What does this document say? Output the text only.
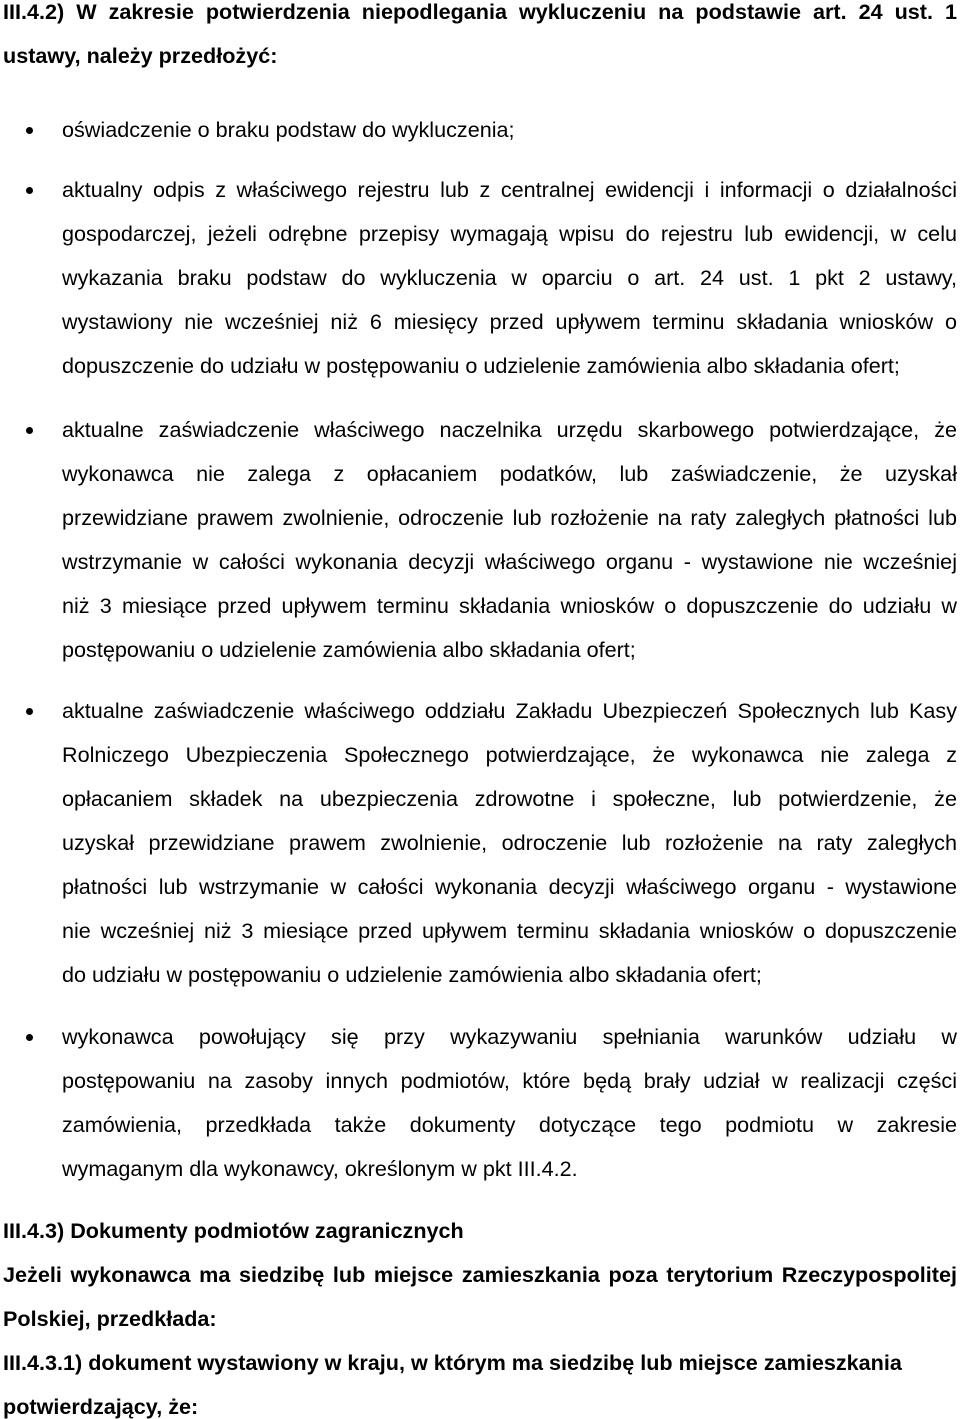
III.4.2) W zakresie potwierdzenia niepodlegania wykluczeniu na podstawie art. 24 ust. 1
ustawy, należy przedłożyć:
oświadczenie o braku podstaw do wykluczenia;
aktualny odpis z właściwego rejestru lub z centralnej ewidencji i informacji o działalności
gospodarczej, jeżeli odrębne przepisy wymagają wpisu do rejestru lub ewidencji, w celu
wykazania braku podstaw do wykluczenia w oparciu o art. 24 ust. 1 pkt 2 ustawy,
wystawiony nie wcześniej niż 6 miesięcy przed upływem terminu składania wniosków o
dopuszczenie do udziału w postępowaniu o udzielenie zamówienia albo składania ofert;
aktualne zaświadczenie właściwego naczelnika urzędu skarbowego potwierdzające, że
wykonawca nie zalega z opłacaniem podatków, lub zaświadczenie, że uzyskał
przewidziane prawem zwolnienie, odroczenie lub rozłożenie na raty zaległych płatności lub
wstrzymanie w całości wykonania decyzji właściwego organu - wystawione nie wcześniej
niż 3 miesiące przed upływem terminu składania wniosków o dopuszczenie do udziału w
postępowaniu o udzielenie zamówienia albo składania ofert;
aktualne zaświadczenie właściwego oddziału Zakładu Ubezpieczeń Społecznych lub Kasy
Rolniczego Ubezpieczenia Społecznego potwierdzające, że wykonawca nie zalega z
opłacaniem składek na ubezpieczenia zdrowotne i społeczne, lub potwierdzenie, że
uzyskał przewidziane prawem zwolnienie, odroczenie lub rozłożenie na raty zaległych
płatności lub wstrzymanie w całości wykonania decyzji właściwego organu - wystawione
nie wcześniej niż 3 miesiące przed upływem terminu składania wniosków o dopuszczenie
do udziału w postępowaniu o udzielenie zamówienia albo składania ofert;
wykonawca powołujący się przy wykazywaniu spełniania warunków udziału w
postępowaniu na zasoby innych podmiotów, które będą brały udział w realizacji części
zamówienia, przedkłada także dokumenty dotyczące tego podmiotu w zakresie
wymaganym dla wykonawcy, określonym w pkt III.4.2.
III.4.3) Dokumenty podmiotów zagranicznych
Jeżeli wykonawca ma siedzibę lub miejsce zamieszkania poza terytorium Rzeczypospolitej
Polskiej, przedkłada:
III.4.3.1) dokument wystawiony w kraju, w którym ma siedzibę lub miejsce zamieszkania
potwierdzający, że:
